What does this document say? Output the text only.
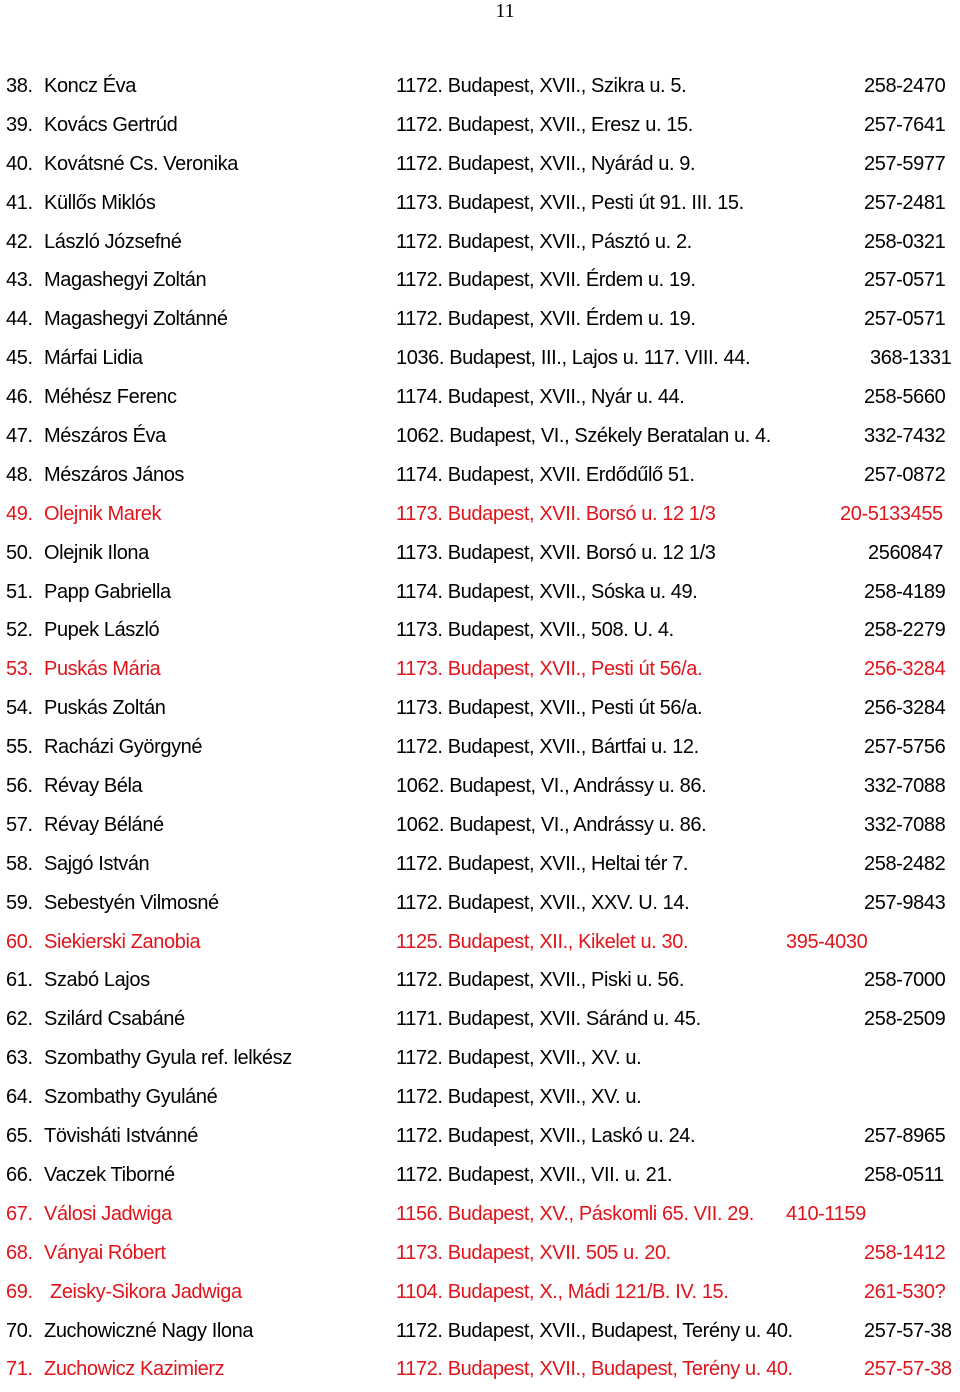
11
38. Koncz Éva	1172. Budapest, XVII., Szikra u. 5.	258-2470
39. Kovács Gertrúd	1172. Budapest, XVII., Eresz u. 15.	257-7641
40. Kovátsné Cs. Veronika	1172. Budapest, XVII., Nyárád u. 9.	257-5977
41. Küllős Miklós	1173. Budapest, XVII., Pesti út 91. III. 15.	257-2481
42. László Józsefné	1172. Budapest, XVII., Pásztó u. 2.	258-0321
43. Magashegyi Zoltán	1172. Budapest, XVII. Érdem u. 19.	257-0571
44. Magashegyi Zoltánné	1172. Budapest, XVII. Érdem u. 19.	257-0571
45. Márfai Lidia	1036. Budapest, III., Lajos u. 117. VIII. 44.	368-1331
46. Méhész Ferenc	1174. Budapest, XVII., Nyár u. 44.	258-5660
47. Mészáros Éva	1062. Budapest, VI., Székely Beratalan u. 4.	332-7432
48. Mészáros János	1174. Budapest, XVII. Erdődűlő 51.	257-0872
49. Olejnik Marek	1173. Budapest, XVII. Borsó u. 12 1/3	20-5133455
50. Olejnik Ilona	1173. Budapest, XVII. Borsó u. 12 1/3	2560847
51. Papp Gabriella	1174. Budapest, XVII., Sóska u. 49.	258-4189
52. Pupek László	1173. Budapest, XVII., 508. U. 4.	258-2279
53. Puskás Mária	1173. Budapest, XVII., Pesti út 56/a.	256-3284
54. Puskás Zoltán	1173. Budapest, XVII., Pesti út 56/a.	256-3284
55. Racházi Györgyné	1172. Budapest, XVII., Bártfai u. 12.	257-5756
56. Révay Béla	1062. Budapest, VI., Andrássy u. 86.	332-7088
57. Révay Béláné	1062. Budapest, VI., Andrássy u. 86.	332-7088
58. Sajgó István	1172. Budapest, XVII., Heltai tér 7.	258-2482
59. Sebestyén Vilmosné	1172. Budapest, XVII., XXV. U. 14.	257-9843
60. Siekierski Zanobia	1125. Budapest, XII., Kikelet u. 30.	395-4030
61. Szabó Lajos	1172. Budapest, XVII., Piski u. 56.	258-7000
62. Szilárd Csabáné	1171. Budapest, XVII. Sáránd u. 45.	258-2509
63. Szombathy Gyula ref. lelkész	1172. Budapest, XVII., XV. u.
64. Szombathy Gyuláné	1172. Budapest, XVII., XV. u.
65. Tövisháti Istvánné	1172. Budapest, XVII., Laskó u. 24.	257-8965
66. Vaczek Tiborné	1172. Budapest, XVII., VII. u. 21.	258-0511
67. Válosi Jadwiga	1156. Budapest, XV., Páskomli 65. VII. 29. 410-1159
68. Ványai Róbert	1173. Budapest, XVII. 505 u. 20.	258-1412
69. Zeisky-Sikora Jadwiga	1104. Budapest, X., Mádi 121/B. IV. 15.	261-530?
70. Zuchowiczné Nagy Ilona	1172. Budapest, XVII., Budapest, Terény u. 40.	257-57-38
71. Zuchowicz Kazimierz	1172. Budapest, XVII., Budapest, Terény u. 40.	257-57-38
